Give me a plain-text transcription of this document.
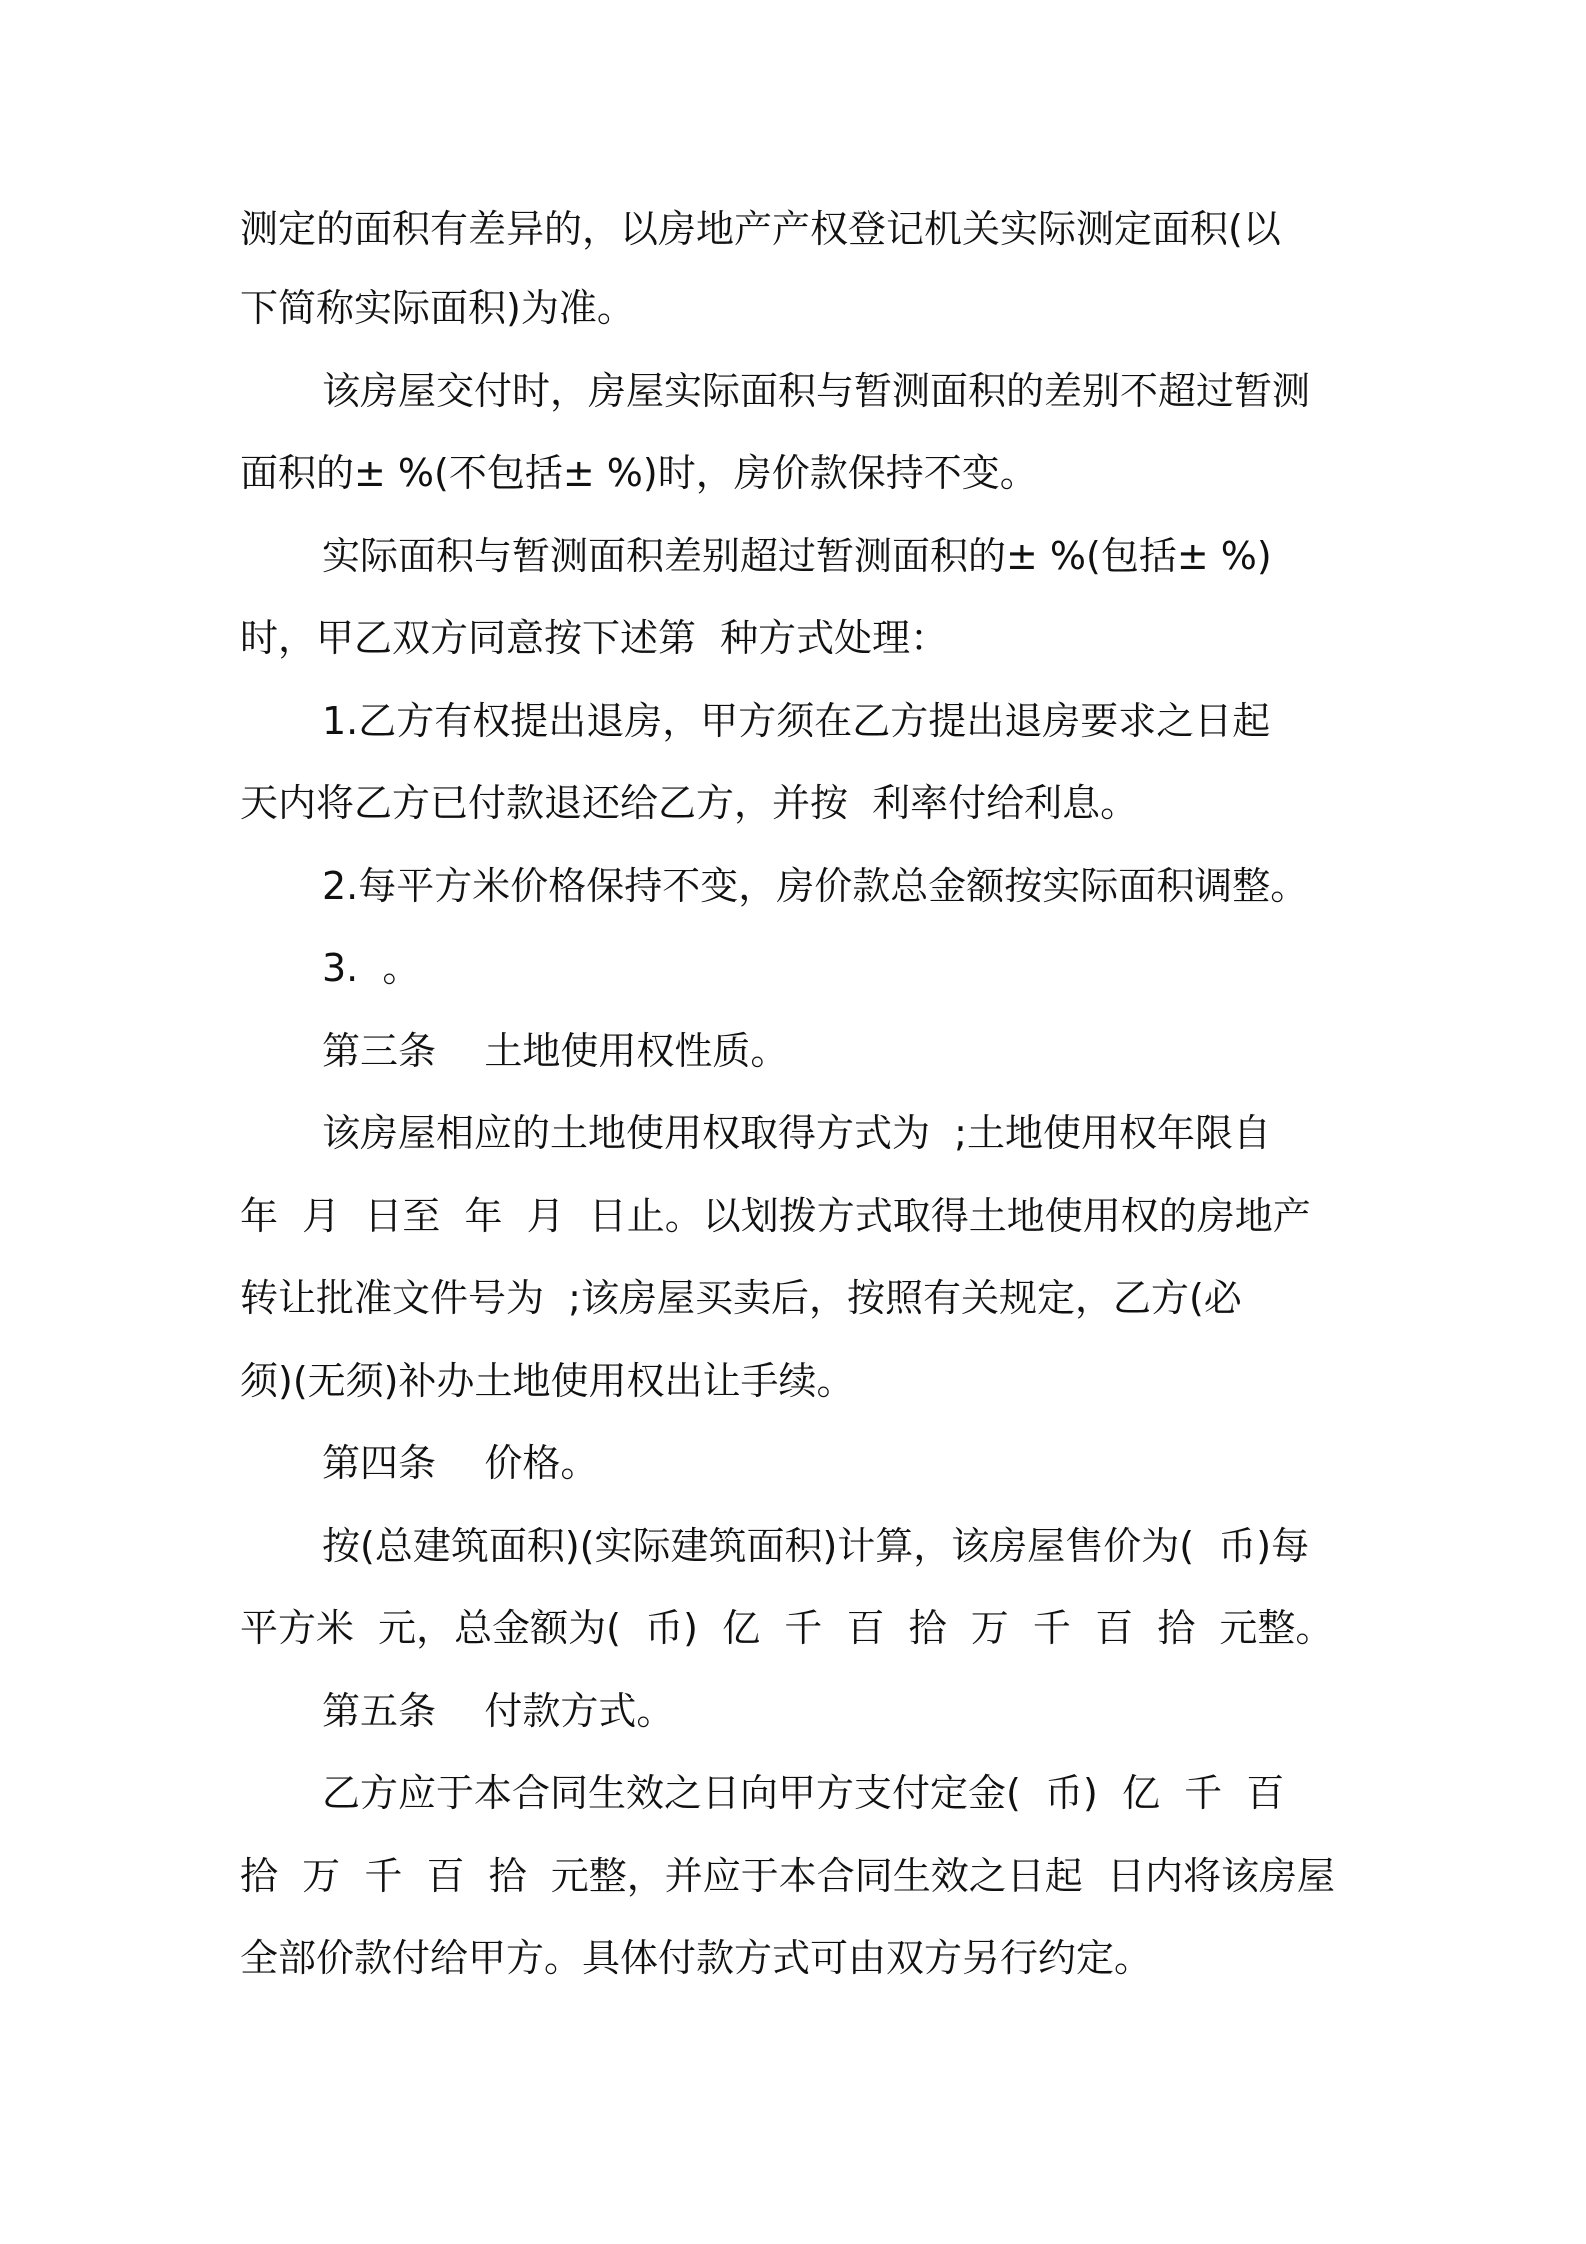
测定的面积有差异的，以房地产产权登记机关实际测定面积(以
下简称实际面积)为准。
该房屋交付时，房屋实际面积与暂测面积的差别不超过暂测
面积的± %(不包括± %)时，房价款保持不变。
实际面积与暂测面积差别超过暂测面积的± %(包括± %)
时，甲乙双方同意按下述第  种方式处理：
1.乙方有权提出退房，甲方须在乙方提出退房要求之日起
天内将乙方已付款退还给乙方，并按  利率付给利息。
2.每平方米价格保持不变，房价款总金额按实际面积调整。
3.  。
第三条    土地使用权性质。
该房屋相应的土地使用权取得方式为  ;土地使用权年限自
年  月  日至  年  月  日止。以划拨方式取得土地使用权的房地产
转让批准文件号为  ;该房屋买卖后，按照有关规定，乙方(必
须)(无须)补办土地使用权出让手续。
第四条    价格。
按(总建筑面积)(实际建筑面积)计算，该房屋售价为(  币)每
平方米  元，总金额为(  币)  亿  千  百  拾  万  千  百  拾  元整。
第五条    付款方式。
乙方应于本合同生效之日向甲方支付定金(  币)  亿  千  百
拾  万  千  百  拾  元整，并应于本合同生效之日起  日内将该房屋
全部价款付给甲方。具体付款方式可由双方另行约定。
